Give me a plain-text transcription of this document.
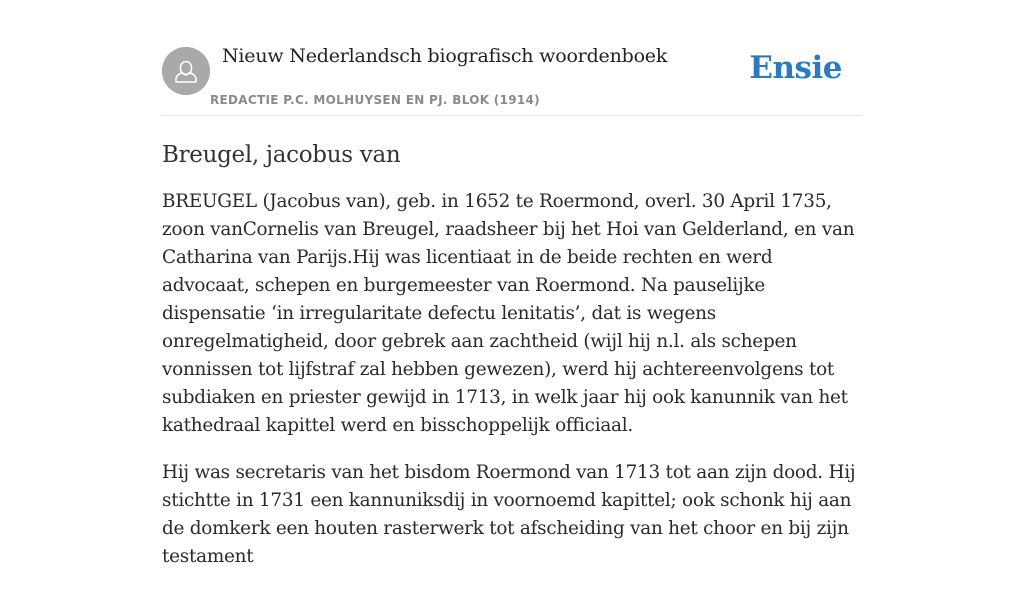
Nieuw Nederlandsch biografisch woordenboek
REDACTIE P.C. MOLHUYSEN EN PJ. BLOK (1914)
Ensie
Breugel, jacobus van

BREUGEL (Jacobus van), geb. in 1652 te Roermond, overl. 30 April 1735, zoon vanCornelis van Breugel, raadsheer bij het Hoi van Gelderland, en van Catharina van Parijs.Hij was licentiaat in de beide rechten en werd advocaat, schepen en burgemeester van Roermond. Na pauselijke dispensatie ‘in irregularitate defectu lenitatis’, dat is wegens onregelmatigheid, door gebrek aan zachtheid (wijl hij n.l. als schepen vonnissen tot lijfstraf zal hebben gewezen), werd hij achtereenvolgens tot subdiaken en priester gewijd in 1713, in welk jaar hij ook kanunnik van het kathedraal kapittel werd en bisschoppelijk officiaal.

Hij was secretaris van het bisdom Roermond van 1713 tot aan zijn dood. Hij stichtte in 1731 een kannuniksdij in voornoemd kapittel; ook schonk hij aan de domkerk een houten rasterwerk tot afscheiding van het choor en bij zijn testament
